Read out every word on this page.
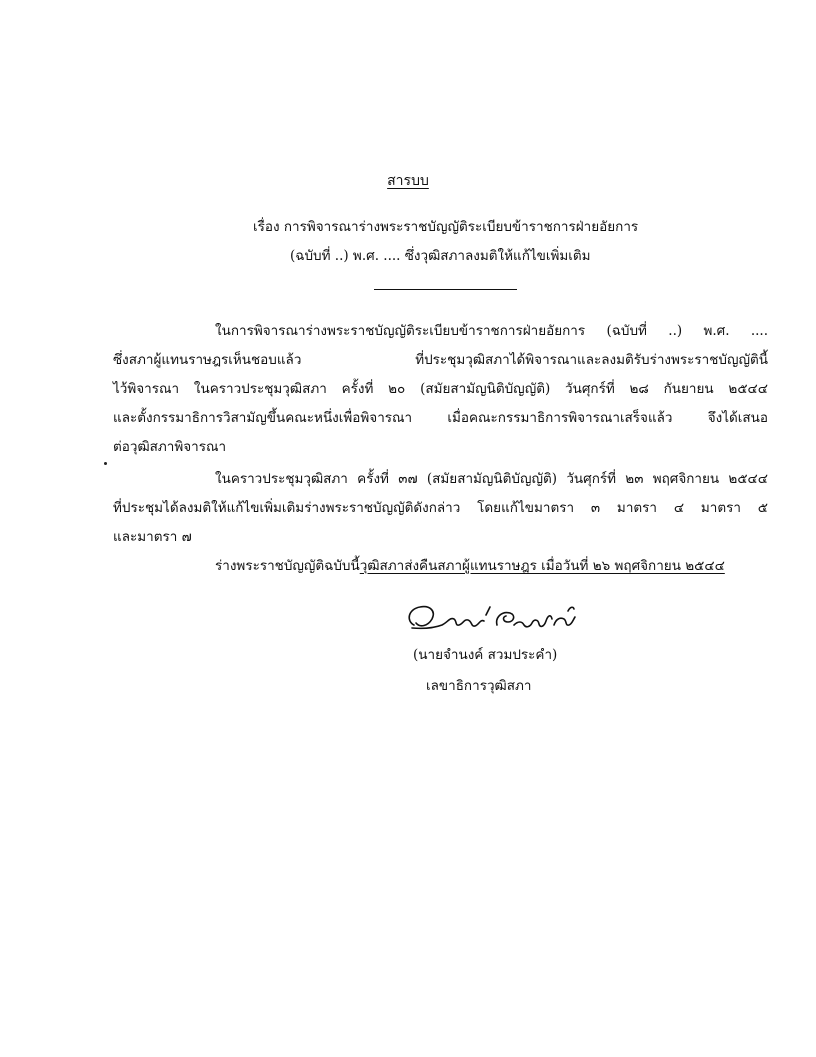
สารบบ
เรื่อง การพิจารณาร่างพระราชบัญญัติระเบียบข้าราชการฝ่ายอัยการ
(ฉบับที่ ..) พ.ศ. .... ซึ่งวุฒิสภาลงมติให้แก้ไขเพิ่มเติม
ในการพิจารณาร่างพระราชบัญญัติระเบียบข้าราชการฝ่ายอัยการ (ฉบับที่ ..) พ.ศ. ....
ซึ่งสภาผู้แทนราษฎรเห็นชอบแล้ว ที่ประชุมวุฒิสภาได้พิจารณาและลงมติรับร่างพระราชบัญญัตินี้
ไว้พิจารณา ในคราวประชุมวุฒิสภา ครั้งที่ ๒๐ (สมัยสามัญนิติบัญญัติ) วันศุกร์ที่ ๒๘ กันยายน ๒๕๔๔
และตั้งกรรมาธิการวิสามัญขึ้นคณะหนึ่งเพื่อพิจารณา เมื่อคณะกรรมาธิการพิจารณาเสร็จแล้ว จึงได้เสนอ
ต่อวุฒิสภาพิจารณา
ในคราวประชุมวุฒิสภา ครั้งที่ ๓๗ (สมัยสามัญนิติบัญญัติ) วันศุกร์ที่ ๒๓ พฤศจิกายน ๒๕๔๔
ที่ประชุมได้ลงมติให้แก้ไขเพิ่มเติมร่างพระราชบัญญัติดังกล่าว โดยแก้ไขมาตรา ๓ มาตรา ๔ มาตรา ๕
และมาตรา ๗
ร่างพระราชบัญญัติฉบับนี้วุฒิสภาส่งคืนสภาผู้แทนราษฎร เมื่อวันที่ ๒๖ พฤศจิกายน ๒๕๔๔
(นายจำนงค์ สวมประคำ)
เลขาธิการวุฒิสภา
